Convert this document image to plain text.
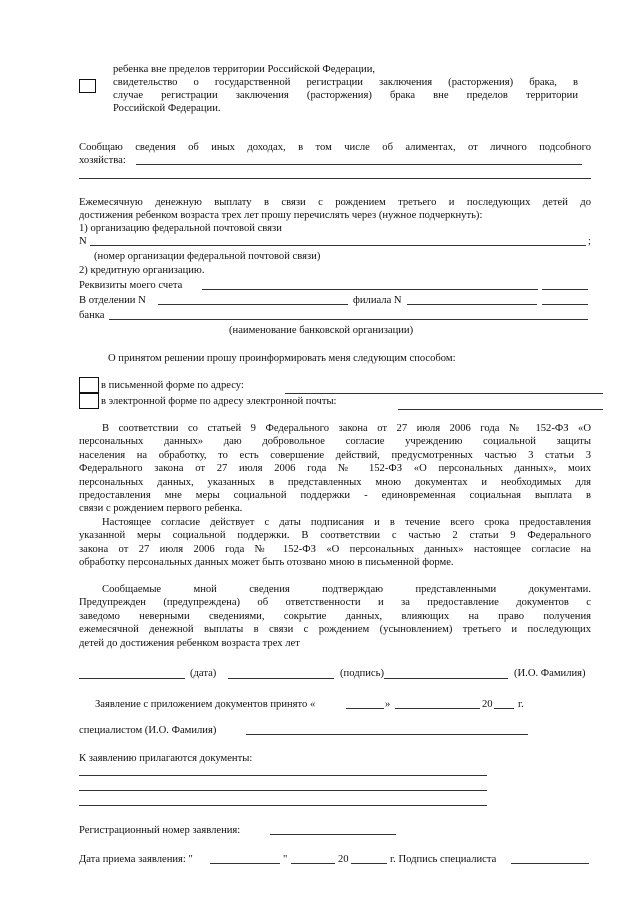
ребенка вне пределов территории Российской Федерации,
свидетельство о государственной регистрации заключения (расторжения) брака, в
случае регистрации заключения (расторжения) брака вне пределов территории
Российской Федерации.
Сообщаю сведения об иных доходах, в том числе об алиментах, от личного подсобного
хозяйства:
Ежемесячную денежную выплату в связи с рождением третьего и последующих детей до
достижения ребенком возраста трех лет прошу перечислять через (нужное подчеркнуть):
1) организацию федеральной почтовой связи
N	;
(номер организации федеральной почтовой связи)
2) кредитную организацию.
Реквизиты моего счета
В отделении N	филиала N
банка
(наименование банковской организации)
О принятом решении прошу проинформировать меня следующим способом:
в письменной форме по адресу:
в электронной форме по адресу электронной почты:
В соответствии со статьей 9 Федерального закона от 27 июля 2006 года № 152-ФЗ «О
персональных данных» даю добровольное согласие учреждению социальной защиты
населения на обработку, то есть совершение действий, предусмотренных частью 3 статьи 3
Федерального закона от 27 июля 2006 года № 152-ФЗ «О персональных данных», моих
персональных данных, указанных в представленных мною документах и необходимых для
предоставления мне меры социальной поддержки - единовременная социальная выплата в
связи с рождением первого ребенка.
Настоящее согласие действует с даты подписания и в течение всего срока предоставления
указанной меры социальной поддержки. В соответствии с частью 2 статьи 9 Федерального
закона от 27 июля 2006 года № 152-ФЗ «О персональных данных» настоящее согласие на
обработку персональных данных может быть отозвано мною в письменной форме.
Сообщаемые мной сведения подтверждаю представленными документами.
Предупрежден (предупреждена) об ответственности и за предоставление документов с
заведомо неверными сведениями, сокрытие данных, влияющих на право получения
ежемесячной денежной выплаты в связи с рождением (усыновлением) третьего и последующих
детей до достижения ребенком возраста трех лет
(дата)	(подпись)	(И.О. Фамилия)
Заявление с приложением документов принято «	»	20 г.
специалистом (И.О. Фамилия)
К заявлению прилагаются документы:
Регистрационный номер заявления:
Дата приема заявления: "	"	20	г. Подпись специалиста
